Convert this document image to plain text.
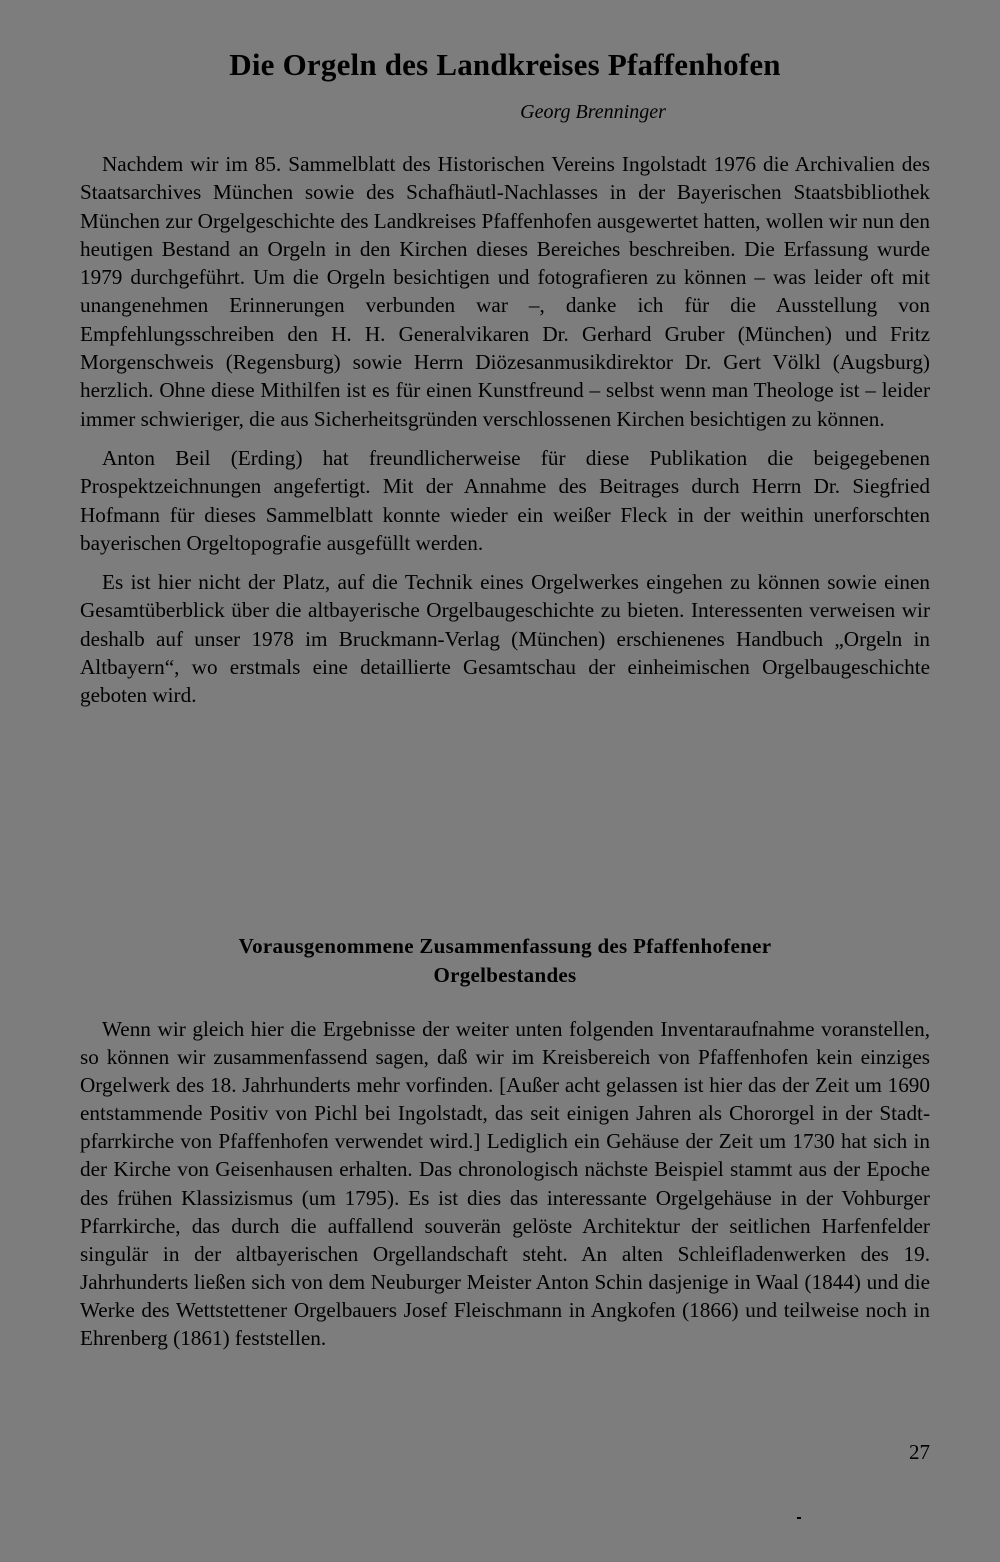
Die Orgeln des Landkreises Pfaffenhofen
Georg Brenninger

Nachdem wir im 85. Sammelblatt des Historischen Vereins Ingolstadt 1976 die Archivalien des Staatsarchives München sowie des Schafhäutl-Nachlasses in der Bayerischen Staatsbibliothek München zur Orgelgeschichte des Landkreises Pfaffenhofen ausgewertet hatten, wollen wir nun den heutigen Bestand an Orgeln in den Kirchen dieses Bereiches beschreiben. Die Erfassung wurde 1979 durchgeführt. Um die Orgeln besichtigen und fotografieren zu können – was leider oft mit unangenehmen Erinnerungen verbunden war –, danke ich für die Ausstellung von Empfehlungsschreiben den H. H. Generalvikaren Dr. Gerhard Gruber (München) und Fritz Morgenschweis (Regensburg) sowie Herrn Diözesanmusikdirektor Dr. Gert Völkl (Augsburg) herzlich. Ohne diese Mithilfen ist es für einen Kunstfreund – selbst wenn man Theologe ist – leider immer schwieriger, die aus Sicherheitsgründen verschlossenen Kirchen besichtigen zu können.

Anton Beil (Erding) hat freundlicherweise für diese Publikation die beigegebenen Prospektzeichnungen angefertigt. Mit der Annahme des Beitrages durch Herrn Dr. Siegfried Hofmann für dieses Sammelblatt konnte wieder ein weißer Fleck in der weithin unerforschten bayerischen Orgeltopografie ausgefüllt werden.

Es ist hier nicht der Platz, auf die Technik eines Orgelwerkes eingehen zu können sowie einen Gesamtüberblick über die altbayerische Orgelbaugeschichte zu bieten. Interessenten verweisen wir deshalb auf unser 1978 im Bruckmann-Verlag (München) erschienenes Handbuch „Orgeln in Altbayern“, wo erstmals eine detaillierte Gesamtschau der einheimischen Orgelbaugeschichte geboten wird.

Vorausgenommene Zusammenfassung des Pfaffenhofener
Orgelbestandes

Wenn wir gleich hier die Ergebnisse der weiter unten folgenden Inventaraufnahme voranstellen, so können wir zusammenfassend sagen, daß wir im Kreisbereich von Pfaffenhofen kein einziges Orgelwerk des 18. Jahrhunderts mehr vorfinden. [Außer acht gelassen ist hier das der Zeit um 1690 entstammende Positiv von Pichl bei Ingolstadt, das seit einigen Jahren als Chororgel in der Stadtpfarrkirche von Pfaffenhofen verwendet wird.] Lediglich ein Gehäuse der Zeit um 1730 hat sich in der Kirche von Geisenhausen erhalten. Das chronologisch nächste Beispiel stammt aus der Epoche des frühen Klassizismus (um 1795). Es ist dies das interessante Orgelgehäuse in der Vohburger Pfarrkirche, das durch die auffallend souverän gelöste Architektur der seitlichen Harfenfelder singulär in der altbayerischen Orgellandschaft steht. An alten Schleifladenwerken des 19. Jahrhunderts ließen sich von dem Neuburger Meister Anton Schin dasjenige in Waal (1844) und die Werke des Wettstettener Orgelbauers Josef Fleischmann in Angkofen (1866) und teilweise noch in Ehrenberg (1861) feststellen.

27
